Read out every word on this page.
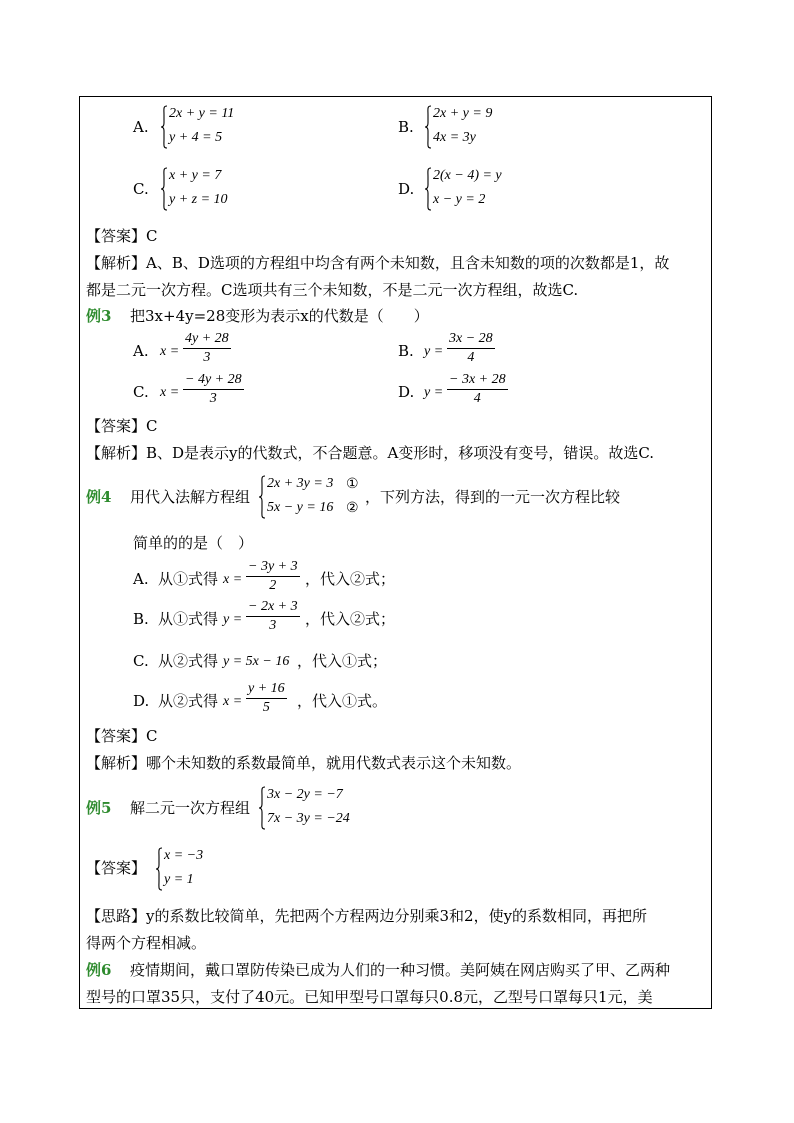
A.
2x + y = 11
y + 4 = 5
B.
2x + y = 9
4x = 3y
C.
x + y = 7
y + z = 10
D.
2(x − 4) = y
x − y = 2
【答案】C
【解析】A、B、D选项的方程组中均含有两个未知数，且含未知数的项的次数都是1，故
都是二元一次方程。C选项共有三个未知数，不是二元一次方程组，故选C.
例3 把3x+4y=28变形为表示x的代数是（　　）
A. $x = \frac{4y + 28}{3}$	B. $y = \frac{3x - 28}{4}$
C. $x = \frac{- 4y + 28}{3}$	D. $y = \frac{- 3x + 28}{4}$
【答案】C
【解析】B、D是表示y的代数式，不合题意。A变形时，移项没有变号，错误。故选C.
例4 用代入法解方程组
2x + 3y = 3
5x − y = 16
①
②
，下列方法，得到的一元一次方程比较
简单的的是（　）
A. 从①式得 $x = \frac{- 3y + 3}{2}$ ，代入②式；
B. 从①式得 $y = \frac{- 2x + 3}{3}$ ，代入②式；
C. 从②式得 y = 5x − 16 ，代入①式；
D. 从②式得 $x = \frac{y + 16}{5}$ ，代入①式。
【答案】C
【解析】哪个未知数的系数最简单，就用代数式表示这个未知数。
例5 解二元一次方程组
3x − 2y = −7
7x − 3y = −24
【答案】
x = −3
y = 1
【思路】y的系数比较简单，先把两个方程两边分别乘3和2，使y的系数相同，再把所
得两个方程相减。
例6 疫情期间，戴口罩防传染已成为人们的一种习惯。美阿姨在网店购买了甲、乙两种
型号的口罩35只，支付了40元。已知甲型号口罩每只0.8元，乙型号口罩每只1元，美
